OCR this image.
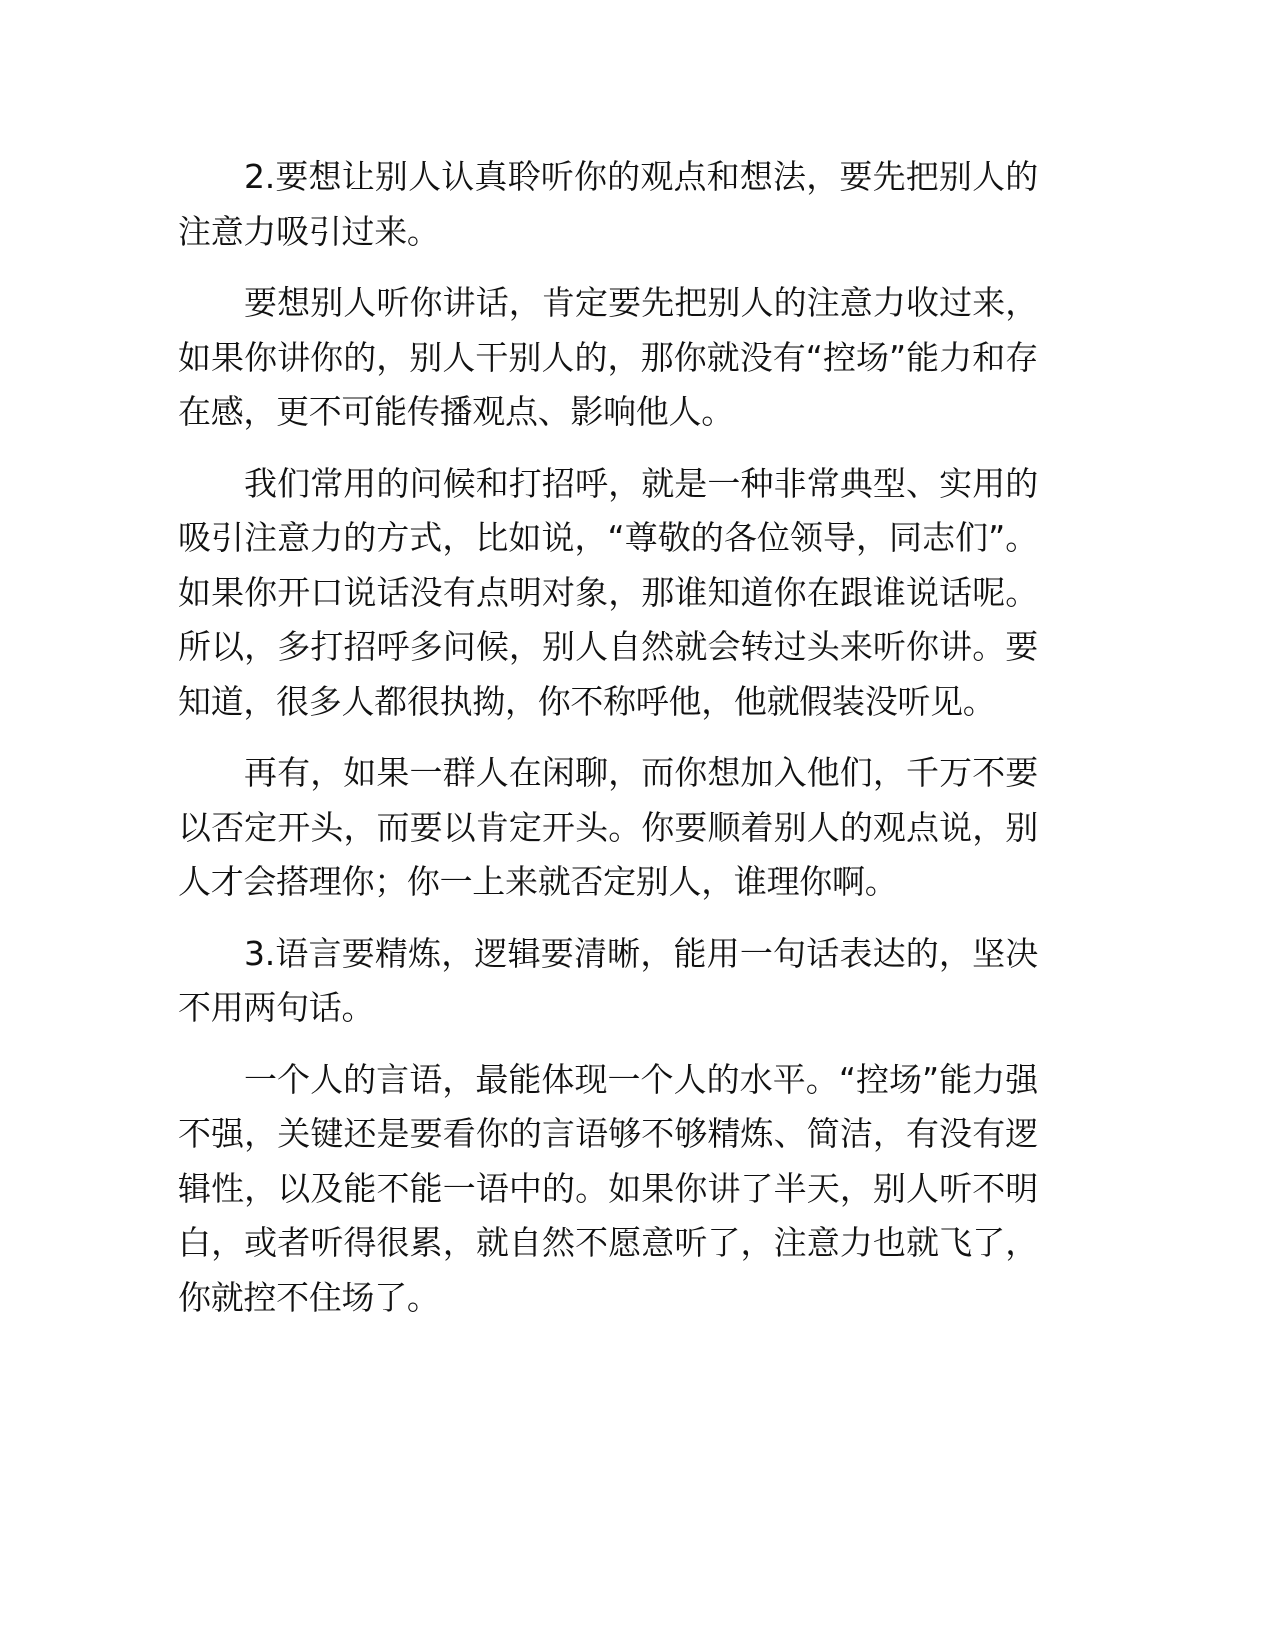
2.要想让别人认真聆听你的观点和想法，要先把别人的注意力吸引过来。

要想别人听你讲话，肯定要先把别人的注意力收过来，如果你讲你的，别人干别人的，那你就没有“控场”能力和存在感，更不可能传播观点、影响他人。

我们常用的问候和打招呼，就是一种非常典型、实用的吸引注意力的方式，比如说，“尊敬的各位领导，同志们”。如果你开口说话没有点明对象，那谁知道你在跟谁说话呢。所以，多打招呼多问候，别人自然就会转过头来听你讲。要知道，很多人都很执拗，你不称呼他，他就假装没听见。

再有，如果一群人在闲聊，而你想加入他们，千万不要以否定开头，而要以肯定开头。你要顺着别人的观点说，别人才会搭理你；你一上来就否定别人，谁理你啊。

3.语言要精炼，逻辑要清晰，能用一句话表达的，坚决不用两句话。

一个人的言语，最能体现一个人的水平。“控场”能力强不强，关键还是要看你的言语够不够精炼、简洁，有没有逻辑性，以及能不能一语中的。如果你讲了半天，别人听不明白，或者听得很累，就自然不愿意听了，注意力也就飞了，你就控不住场了。
